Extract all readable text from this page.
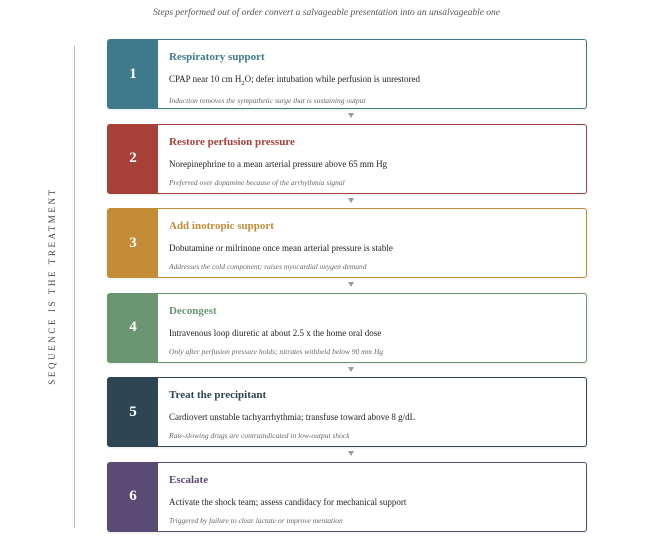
Steps performed out of order convert a salvageable presentation into an unsalvageable one
SEQUENCE IS THE TREATMENT
1
Respiratory support
CPAP near 10 cm $H_2O$; defer intubation while perfusion is unrestored
Induction removes the sympathetic surge that is sustaining output
2
Restore perfusion pressure
Norepinephrine to a mean arterial pressure above 65 mm Hg
Preferred over dopamine because of the arrhythmia signal
3
Add inotropic support
Dobutamine or milrinone once mean arterial pressure is stable
Addresses the cold component; raises myocardial oxygen demand
4
Decongest
Intravenous loop diuretic at about 2.5 x the home oral dose
Only after perfusion pressure holds; nitrates withheld below 90 mm Hg
5
Treat the precipitant
Cardiovert unstable tachyarrhythmia; transfuse toward above 8 g/dL
Rate-slowing drugs are contraindicated in low-output shock
6
Escalate
Activate the shock team; assess candidacy for mechanical support
Triggered by failure to clear lactate or improve mentation
